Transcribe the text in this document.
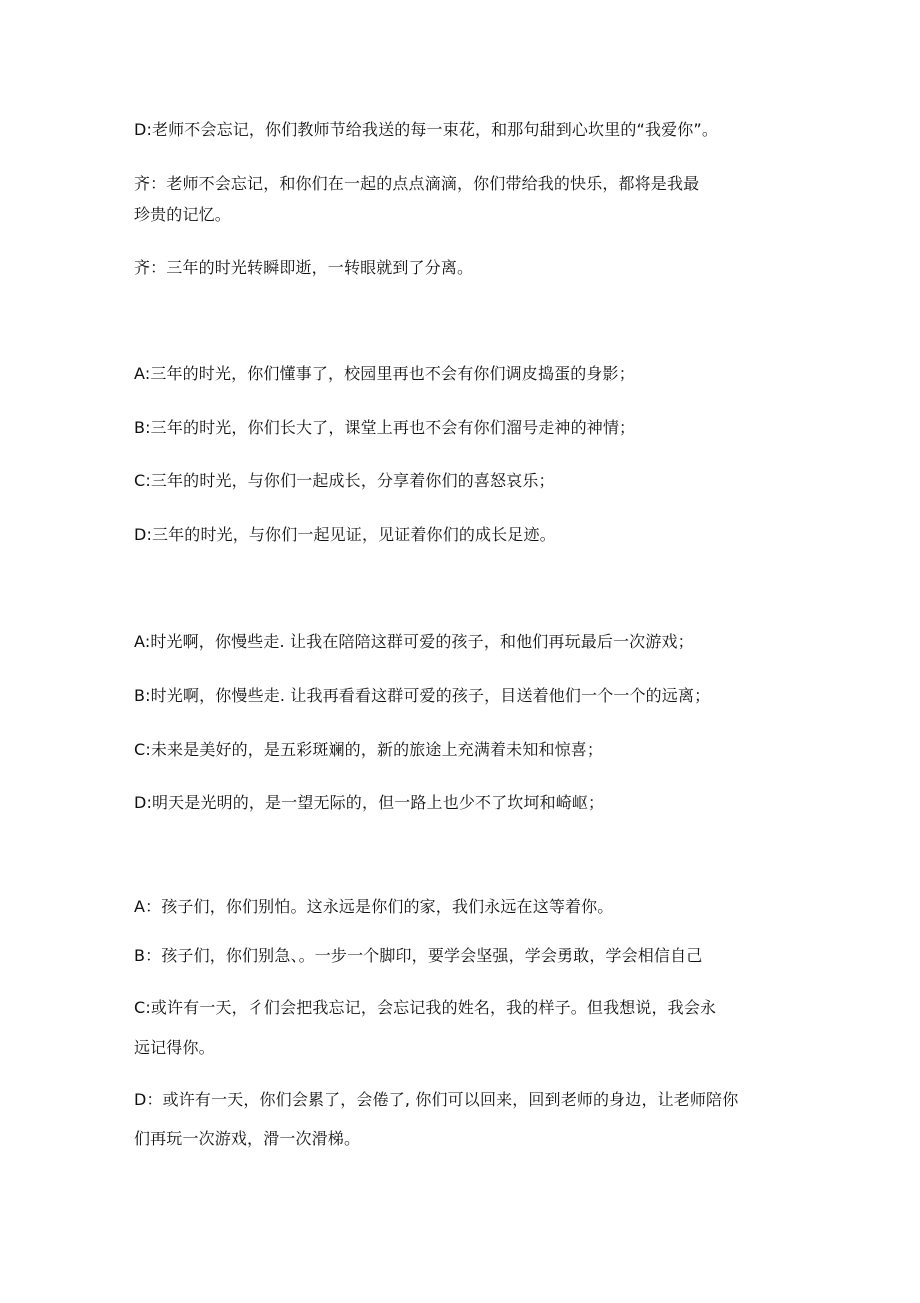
D:老师不会忘记，你们教师节给我送的每一束花，和那句甜到心坎里的“我爱你”。
齐：老师不会忘记，和你们在一起的点点滴滴，你们带给我的快乐，都将是我最
珍贵的记忆。
齐：三年的时光转瞬即逝，一转眼就到了分离。
A:三年的时光，你们懂事了，校园里再也不会有你们调皮捣蛋的身影；
B:三年的时光，你们长大了，课堂上再也不会有你们溜号走神的神情；
C:三年的时光，与你们一起成长，分享着你们的喜怒哀乐；
D:三年的时光，与你们一起见证，见证着你们的成长足迹。
A:时光啊，你慢些走. 让我在陪陪这群可爱的孩子，和他们再玩最后一次游戏；
B:时光啊，你慢些走. 让我再看看这群可爱的孩子，目送着他们一个一个的远离；
C:未来是美好的，是五彩斑斓的，新的旅途上充满着未知和惊喜；
D:明天是光明的，是一望无际的，但一路上也少不了坎坷和崎岖；
A：孩子们，你们别怕。这永远是你们的家，我们永远在这等着你。
B：孩子们，你们别急、。一步一个脚印，要学会坚强，学会勇敢，学会相信自己
C:或许有一天，彳们会把我忘记，会忘记我的姓名，我的样子。但我想说，我会永
远记得你。
D：或许有一天，你们会累了，会倦了, 你们可以回来，回到老师的身边，让老师陪你
们再玩一次游戏，滑一次滑梯。
